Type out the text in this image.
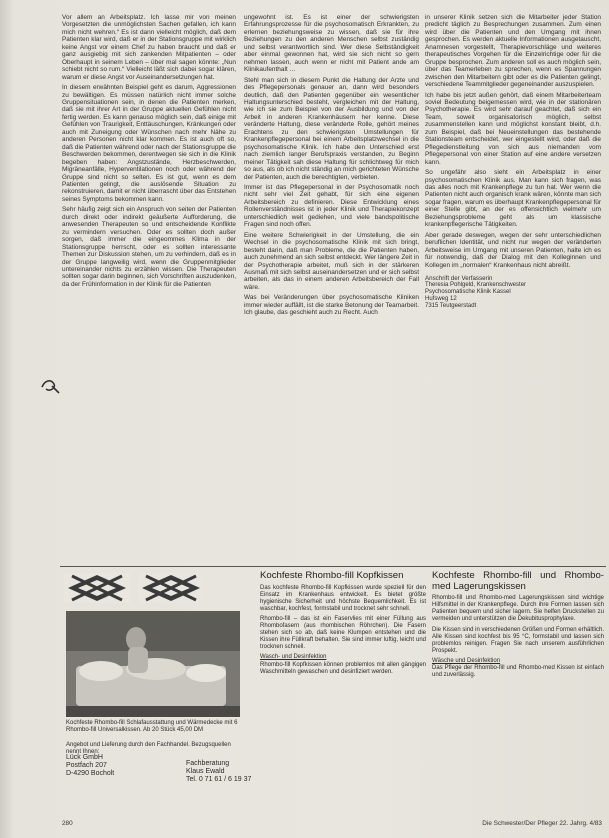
Vor allem an Arbeitsplatz. Ich lasse mir von meinen Vorgesetzten die unmöglichsten Sachen gefallen, ich kann mich nicht wehren.“ Es ist dann vielleicht möglich, daß dem Patienten klar wird, daß er in der Stationsgruppe mit wirklich keine Angst vor einem Chef zu haben braucht und daß er ganz ausgiebig mit sich zankenden Mitpatienten – oder Oberhaupt in seinem Leben – über mal sagen könnte: „Nun schiebt nicht so rum.“ Vielleicht läßt sich dabei sogar klären, warum er diese Angst vor Auseinandersetzungen hat.

In diesem erwähnten Beispiel geht es darum, Aggressionen zu bewältigen. Es müssen natürlich nicht immer solche Gruppensituationen sein, in denen die Patienten merken, daß sie mit ihrer Art in der Gruppe aktuellen Gefühlen nicht fertig werden. Es kann genauso möglich sein, daß einige mit Gefühlen von Traurigkeit, Enttäuschungen, Kränkungen oder auch mit Zuneigung oder Wünschen nach mehr Nähe zu anderen Personen nicht klar kommen. Es ist auch oft so, daß die Patienten während oder nach der Stationsgruppe die Beschwerden bekommen, derentwegen sie sich in die Klinik begeben haben: Angstzustände, Herzbeschwerden, Migräneanfälle, Hyperventilationen noch oder während der Gruppe sind nicht so selten. Es ist gut, wenn es dem Patienten gelingt, die auslösende Situation zu rekonstruieren, damit er nicht überrascht über das Entstehen seines Symptoms bekommen kann.

Sehr häufig zeigt sich ein Anspruch von seiten der Patienten durch direkt oder indirekt geäußerte Aufforderung, die anwesenden Therapeuten so und entscheidende Konflikte zu vermindern versuchen. Oder es sollten doch außer sorgen, daß immer die eingeommes Klima in der Stationsgruppe herrscht, oder es sollten interessante Themen zur Diskussion stehen, um zu verhindern, daß es in der Gruppe langweilig wird, wenn die Gruppenmitglieder untereinander nichts zu erzählen wissen. Die Therapeuten sollten sogar darin beginnen, sich Vorschriften auszudenken, da der Frühinformation in der Klinik für die Patienten

ungewohnt ist. Es ist einer der schwierigsten Erfahrungsprozesse für die psychosomatisch Erkrankten, zu erlernen beziehungsweise zu wissen, daß sie für ihre Beziehungen zu den anderen Menschen selbst zuständig und selbst verantwortlich sind. Wer diese Selbständigkeit aber einmal gewonnen hat, wird sie sich nicht so gern nehmen lassen, auch wenn er nicht mit Patient ande am Klinikaufenthalt …

Stehl man sich in diesem Punkt die Haltung der Arzte und des Pflegepersonals genauer an, dann wird besonders deutlich, daß den Patienten gegenüber ein wesentlicher Haltungsunterschied besteht, vergleichen mit der Haltung, wie ich sie zum Beispiel von der Ausbildung und von der Arbeit in anderen Krankenhäusern her kenne. Diese veränderte Haltung, diese veränderte Rolle, gehört meines Erachtens zu den schwierigsten Umstellungen für Krankenpflegepersonal bei einem Arbeitsplatzwechsel in die psychosomatische Klinik. Ich habe den Unterschied erst nach ziemlich langer Berufspraxis verstanden, zu Beginn meiner Tätigkeit sah diese Haltung für schlichtweg für mich so aus, als ob ich nicht ständig an mich gerichteten Wünsche der Patienten, auch die berechtigten, verbieten.

Immer ist das Pflegepersonal in der Psychosomatik noch nicht sehr viel Zeit gehabt, für sich eine eigenen Arbeitsbereich zu definieren. Diese Entwicklung eines Rollenverständnisses ist in jeder Klinik und Therapiekonzept unterschiedlich weit gediehen, und viele bandspolitische Fragen sind noch offen.

Eine weitere Schwierigkeit in der Umstellung, die ein Wechsel in die psychosomatische Klinik mit sich bringt, besteht darin, daß man Probleme, die die Patienten haben, auch zunehmend an sich selbst entdeckt. Wer längere Zeit in der Psychotherapie arbeitet, muß sich in der stärkeren Ausmaß mit sich selbst auseinandersetzen und er sich selbst arbeiten, als das in einem anderen Arbeitsbereich der Fall wäre.

Was bei Veränderungen über psychosomatische Kliniken immer wieder auffällt, ist die starke Betonung der Teamarbeit. Ich glaube, das geschieht auch zu Recht. Auch

in unserer Klinik setzen sich die Mitarbeiter jeder Station predicht täglich zu Besprechungen zusammen. Zum einen wird über die Patienten und den Umgang mit ihnen gesprochen. Es werden aktuelle Informationen ausgetauscht, Anamnesen vorgestellt, Therapievorschläge und weiteres therapeutisches Vorgehen für die Einzelrichtige oder für die Gruppe besprochen. Zum anderen soll es auch möglich sein, über das Teamerleben zu sprechen, wenn es Spannungen zwischen den Mitarbeitern gibt oder es die Patienten gelingt, verschiedene Teammitglieder gegeneinander auszuspielen.

Ich habe bis jetzt außen gehört, daß einem Mitarbeiterteam soviel Bedeutung beigemessen wird, wie in der stationären Psychotherapie. Es wird sehr darauf geachtet, daß sich ein Team, soweit organisatorisch möglich, selbst zusammenstellen kann und möglichst konstant bleibt, d.h. zum Beispiel, daß bei Neueinstellungen das bestehende Stationsteam entscheidet, wer eingestellt wird, oder daß die Pflegedienstleitung von sich aus niemanden vom Pflegepersonal von einer Station auf eine andere versetzen kann.

So ungefähr also sieht ein Arbeitsplatz in einer psychosomatischen Klinik aus. Man kann sich fragen, was das alles noch mit Krankenpflege zu tun hat. Wer wenn die Patienten nicht auch organisch krank wären, könnte man sich sogar fragen, warum es überhaupt Krankenpflegepersonal für einer Stelle gibt, an der es offensichtlich vielmehr um Beziehungsprobleme geht als um klassische krankenpflegerische Tätigkeiten.

Aber gerade deswegen, wegen der sehr unterschiedlichen beruflichen Identität, und nicht nur wegen der veränderten Arbeitsweise im Umgang mit unseren Patienten, halte ich es für notwendig, daß der Dialog mit den Kolleginnen und Kollegen im „normalen“ Krankenhaus nicht abreißt.

Anschrift der Verfasserin
Theresia Pohlgeld, Krankenschwester
Psychosomatische Klinik Kassel
Hufsweg 12
7315 Teutgeerstadt
Kochfeste Rhombo-fill Schlafausstattung und Wärmedecke mit 6 Rhombo-fill Universalkissen. Ab 20 Stück 45,00 DM
Angebot und Lieferung durch den Fachhandel. Bezugsquellen nennt Ihnen:
Lück GmbH
Postfach 207
D-4290 Bocholt
Fachberatung
Klaus Ewald
Tel. 0 71 61 / 6 19 37
Kochfeste Rhombo-fill Kopfkissen

Das kochfeste Rhombo-fill Kopfkissen wurde speziell für den Einsatz im Krankenhaus entwickelt. Es bietet größte hygienische Sicherheit und höchste Bequemlichkeit. Es ist waschbar, kochfest, formstabil und trocknet sehr schnell.

Rhombo-fill – das ist ein Faservlies mit einer Füllung aus Rhombofasern (aus rhombischen Röhrchen). Die Fasern stehen sich so ab, daß keine Klumpen entstehen und die Kissen ihre Füllkraft behalten. Sie sind immer luftig, leicht und trocknen schnell.

Wasch- und Desinfektion

Rhombo-fill Kopfkissen können problemlos mit allen gängigen Waschmitteln gewaschen und desinfiziert werden.

Kochfeste Rhombo-fill und Rhombo-med Lagerungskissen

Rhombo-fill und Rhombo-med Lagerungskissen sind wichtige Hilfsmittel in der Krankenpflege. Durch ihre Formen lassen sich Patienten bequem und sicher lagern. Sie helfen Druckstellen zu vermeiden und unterstützen die Dekubitusprophylaxe.

Die Kissen sind in verschiedenen Größen und Formen erhältlich. Alle Kissen sind kochfest bis 95 °C, formstabil und lassen sich problemlos reinigen. Fragen Sie nach unserem ausführlichen Prospekt.

Wäsche und Desinfektion

Das Pflege der Rhombo-fill und Rhombo-med Kissen ist einfach und zuverlässig.

280	Die Schwester/Der Pfleger 22. Jahrg. 4/83
